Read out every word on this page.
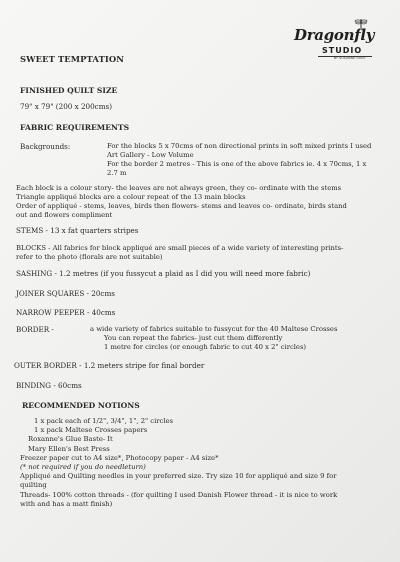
Dragonfly
STUDIO
BY SUSANNE COOY
SWEET TEMPTATION
FINISHED QUILT SIZE
79" x 79" (200 x 200cms)
FABRIC REQUIREMENTS
Backgrounds:	For the blocks 5 x 70cms of non directional prints in soft mixed prints I used
Art Gallery - Low Volume
For the border 2 metres - This is one of the above fabrics ie. 4 x 70cms, 1 x
2.7 m
Each block is a colour story- the leaves are not always green, they co- ordinate with the stems
Triangle appliqué blocks are a colour repeat of the 13 main blocks
Order of appliqué - stems, leaves, birds then flowers- stems and leaves co- ordinate, birds stand
out and flowers compliment
STEMS - 13 x fat quarters stripes
BLOCKS - All fabrics for block appliqué are small pieces of a wide variety of interesting prints-
refer to the photo (florals are not suitable)
SASHING - 1.2 metres (if you fussycut a plaid as I did you will need more fabric)
JOINER SQUARES - 20cms
NARROW PEEPER - 40cms
BORDER -	a wide variety of fabrics suitable to fussycut for the 40 Maltese Crosses
You can repeat the fabrics- just cut them differently
1 metre for circles (or enough fabric to cut 40 x 2" circles)
OUTER BORDER - 1.2 meters stripe for final border
BINDING - 60cms
RECOMMENDED NOTIONS
1 x pack each of 1/2", 3/4", 1", 2" circles
1 x pack Maltese Crosses papers
Roxanne's Glue Baste- It
Mary Ellen's Best Press
Freezer paper cut to A4 size*, Photocopy paper - A4 size*
(* not required if you do needleturn)
Appliqué and Quilting needles in your preferred size. Try size 10 for appliqué and size 9 for
quilting
Threads- 100% cotton threads - (for quilting I used Danish Flower thread - it is nice to work
with and has a matt finish)
